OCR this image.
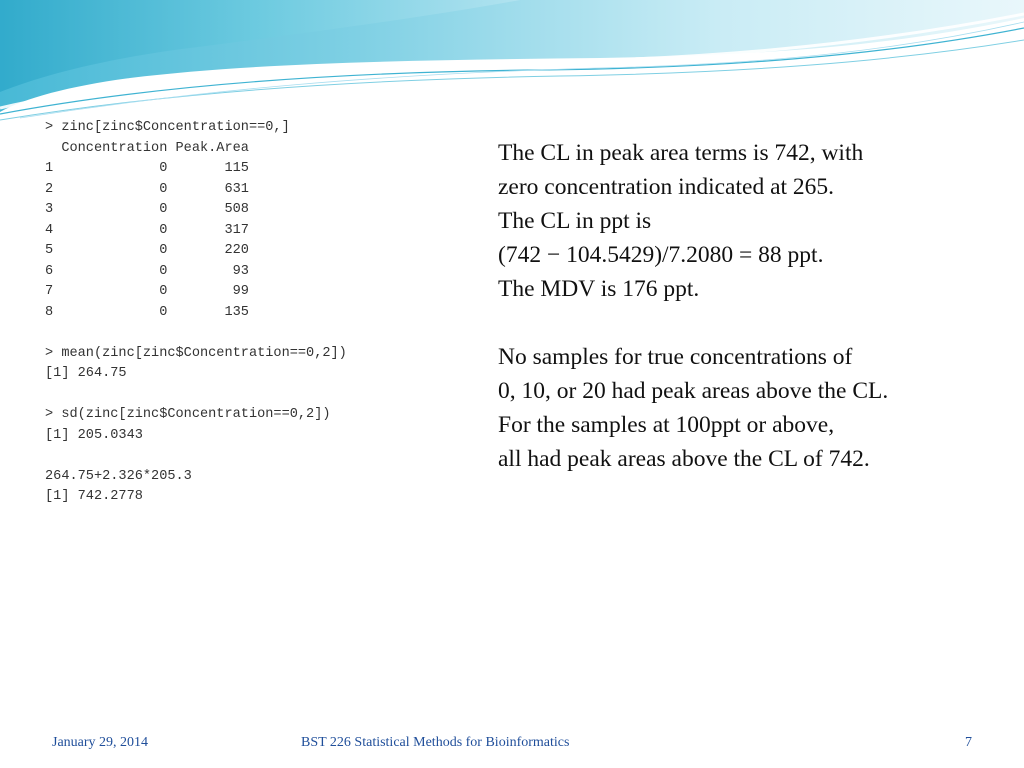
> zinc[zinc$Concentration==0,]
Concentration Peak.Area
1             0       115
2             0       631
3             0       508
4             0       317
5             0       220
6             0        93
7             0        99
8             0       135
> mean(zinc[zinc$Concentration==0,2])
[1] 264.75
> sd(zinc[zinc$Concentration==0,2])
[1] 205.0343
264.75+2.326*205.3
[1] 742.2778
The CL in peak area terms is 742, with
zero concentration indicated at 265.
The CL in ppt is
(742 − 104.5429)/7.2080 = 88 ppt.
The MDV is 176 ppt.
No samples for true concentrations of
0, 10, or 20 had peak areas above the CL.
For the samples at 100ppt or above,
all had peak areas above the CL of 742.
January 29, 2014	BST 226 Statistical Methods for Bioinformatics	7
